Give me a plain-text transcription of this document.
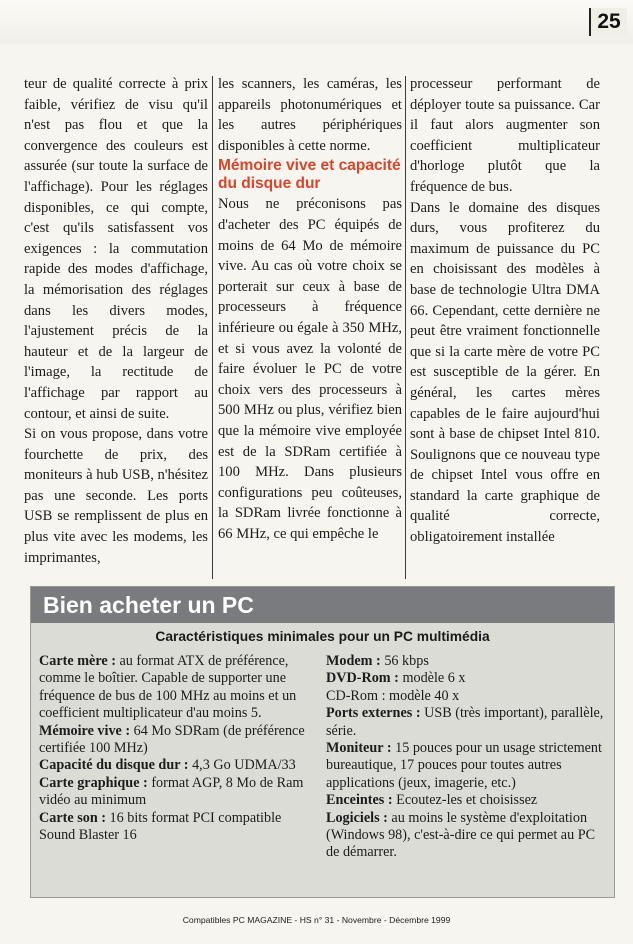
25

teur de qualité correcte à prix faible, vérifiez de visu qu'il n'est pas flou et que la convergence des couleurs est assurée (sur toute la surface de l'affichage). Pour les réglages disponibles, ce qui compte, c'est qu'ils satisfassent vos exigences : la commutation rapide des modes d'affichage, la mémorisation des réglages dans les divers modes, l'ajustement précis de la hauteur et de la largeur de l'image, la rectitude de l'affichage par rapport au contour, et ainsi de suite.

Si on vous propose, dans votre fourchette de prix, des moniteurs à hub USB, n'hésitez pas une seconde. Les ports USB se remplissent de plus en plus vite avec les modems, les imprimantes,

les scanners, les caméras, les appareils photonumériques et les autres périphériques disponibles à cette norme.

Mémoire vive et capacité du disque dur

Nous ne préconisons pas d'acheter des PC équipés de moins de 64 Mo de mémoire vive. Au cas où votre choix se porterait sur ceux à base de processeurs à fréquence inférieure ou égale à 350 MHz, et si vous avez la volonté de faire évoluer le PC de votre choix vers des processeurs à 500 MHz ou plus, vérifiez bien que la mémoire vive employée est de la SDRam certifiée à 100 MHz. Dans plusieurs configurations peu coûteuses, la SDRam livrée fonctionne à 66 MHz, ce qui empêche le

processeur performant de déployer toute sa puissance. Car il faut alors augmenter son coefficient multiplicateur d'horloge plutôt que la fréquence de bus.

Dans le domaine des disques durs, vous profiterez du maximum de puissance du PC en choisissant des modèles à base de technologie Ultra DMA 66. Cependant, cette dernière ne peut être vraiment fonctionnelle que si la carte mère de votre PC est susceptible de la gérer. En général, les cartes mères capables de le faire aujourd'hui sont à base de chipset Intel 810. Soulignons que ce nouveau type de chipset Intel vous offre en standard la carte graphique de qualité correcte, obligatoirement installée

Bien acheter un PC
Caractéristiques minimales pour un PC multimédia

Carte mère : au format ATX de préférence, comme le boîtier. Capable de supporter une fréquence de bus de 100 MHz au moins et un coefficient multiplicateur d'au moins 5.

Mémoire vive : 64 Mo SDRam (de préférence certifiée 100 MHz)

Capacité du disque dur : 4,3 Go UDMA/33

Carte graphique : format AGP, 8 Mo de Ram vidéo au minimum

Carte son : 16 bits format PCI compatible Sound Blaster 16

Modem : 56 kbps

DVD-Rom : modèle 6 x

CD-Rom : modèle 40 x

Ports externes : USB (très important), parallèle, série.

Moniteur : 15 pouces pour un usage strictement bureautique, 17 pouces pour toutes autres applications (jeux, imagerie, etc.)

Enceintes : Ecoutez-les et choisissez

Logiciels : au moins le système d'exploitation (Windows 98), c'est-à-dire ce qui permet au PC de démarrer.

Compatibles PC MAGAZINE - HS n° 31 - Novembre - Décembre 1999
